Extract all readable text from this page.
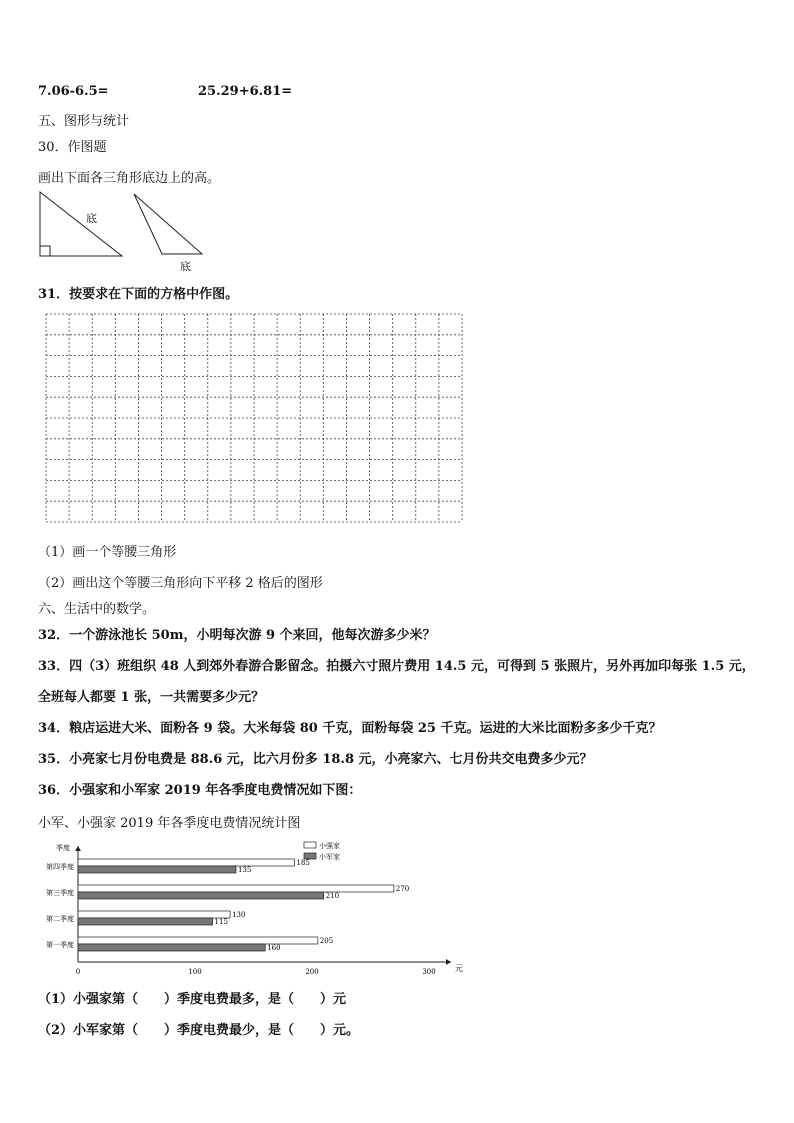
7.06-6.5=	25.29+6.81=
五、图形与统计
30．作图题
画出下面各三角形底边上的高。
底
底
31．按要求在下面的方格中作图。
（1）画一个等腰三角形
（2）画出这个等腰三角形向下平移 2 格后的图形
六、生活中的数学。
32．一个游泳池长 50m，小明每次游 9 个来回，他每次游多少米？
33．四（3）班组织 48 人到郊外春游合影留念。拍摄六寸照片费用 14.5 元，可得到 5 张照片，另外再加印每张 1.5 元，
全班每人都要 1 张，一共需要多少元？
34．粮店运进大米、面粉各 9 袋。大米每袋 80 千克，面粉每袋 25 千克。运进的大米比面粉多多少千克？
35．小亮家七月份电费是 88.6 元，比六月份多 18.8 元，小亮家六、七月份共交电费多少元？
36．小强家和小军家 2019 年各季度电费情况如下图：
小军、小强家 2019 年各季度电费情况统计图
季度
元
0	100	200	300
第四季度	185
135
第三季度	270
210
第二季度	130
115
第一季度	205
160
小强家
小军家
（1）小强家第（　　）季度电费最多，是（　　）元
（2）小军家第（　　）季度电费最少，是（　　）元。
